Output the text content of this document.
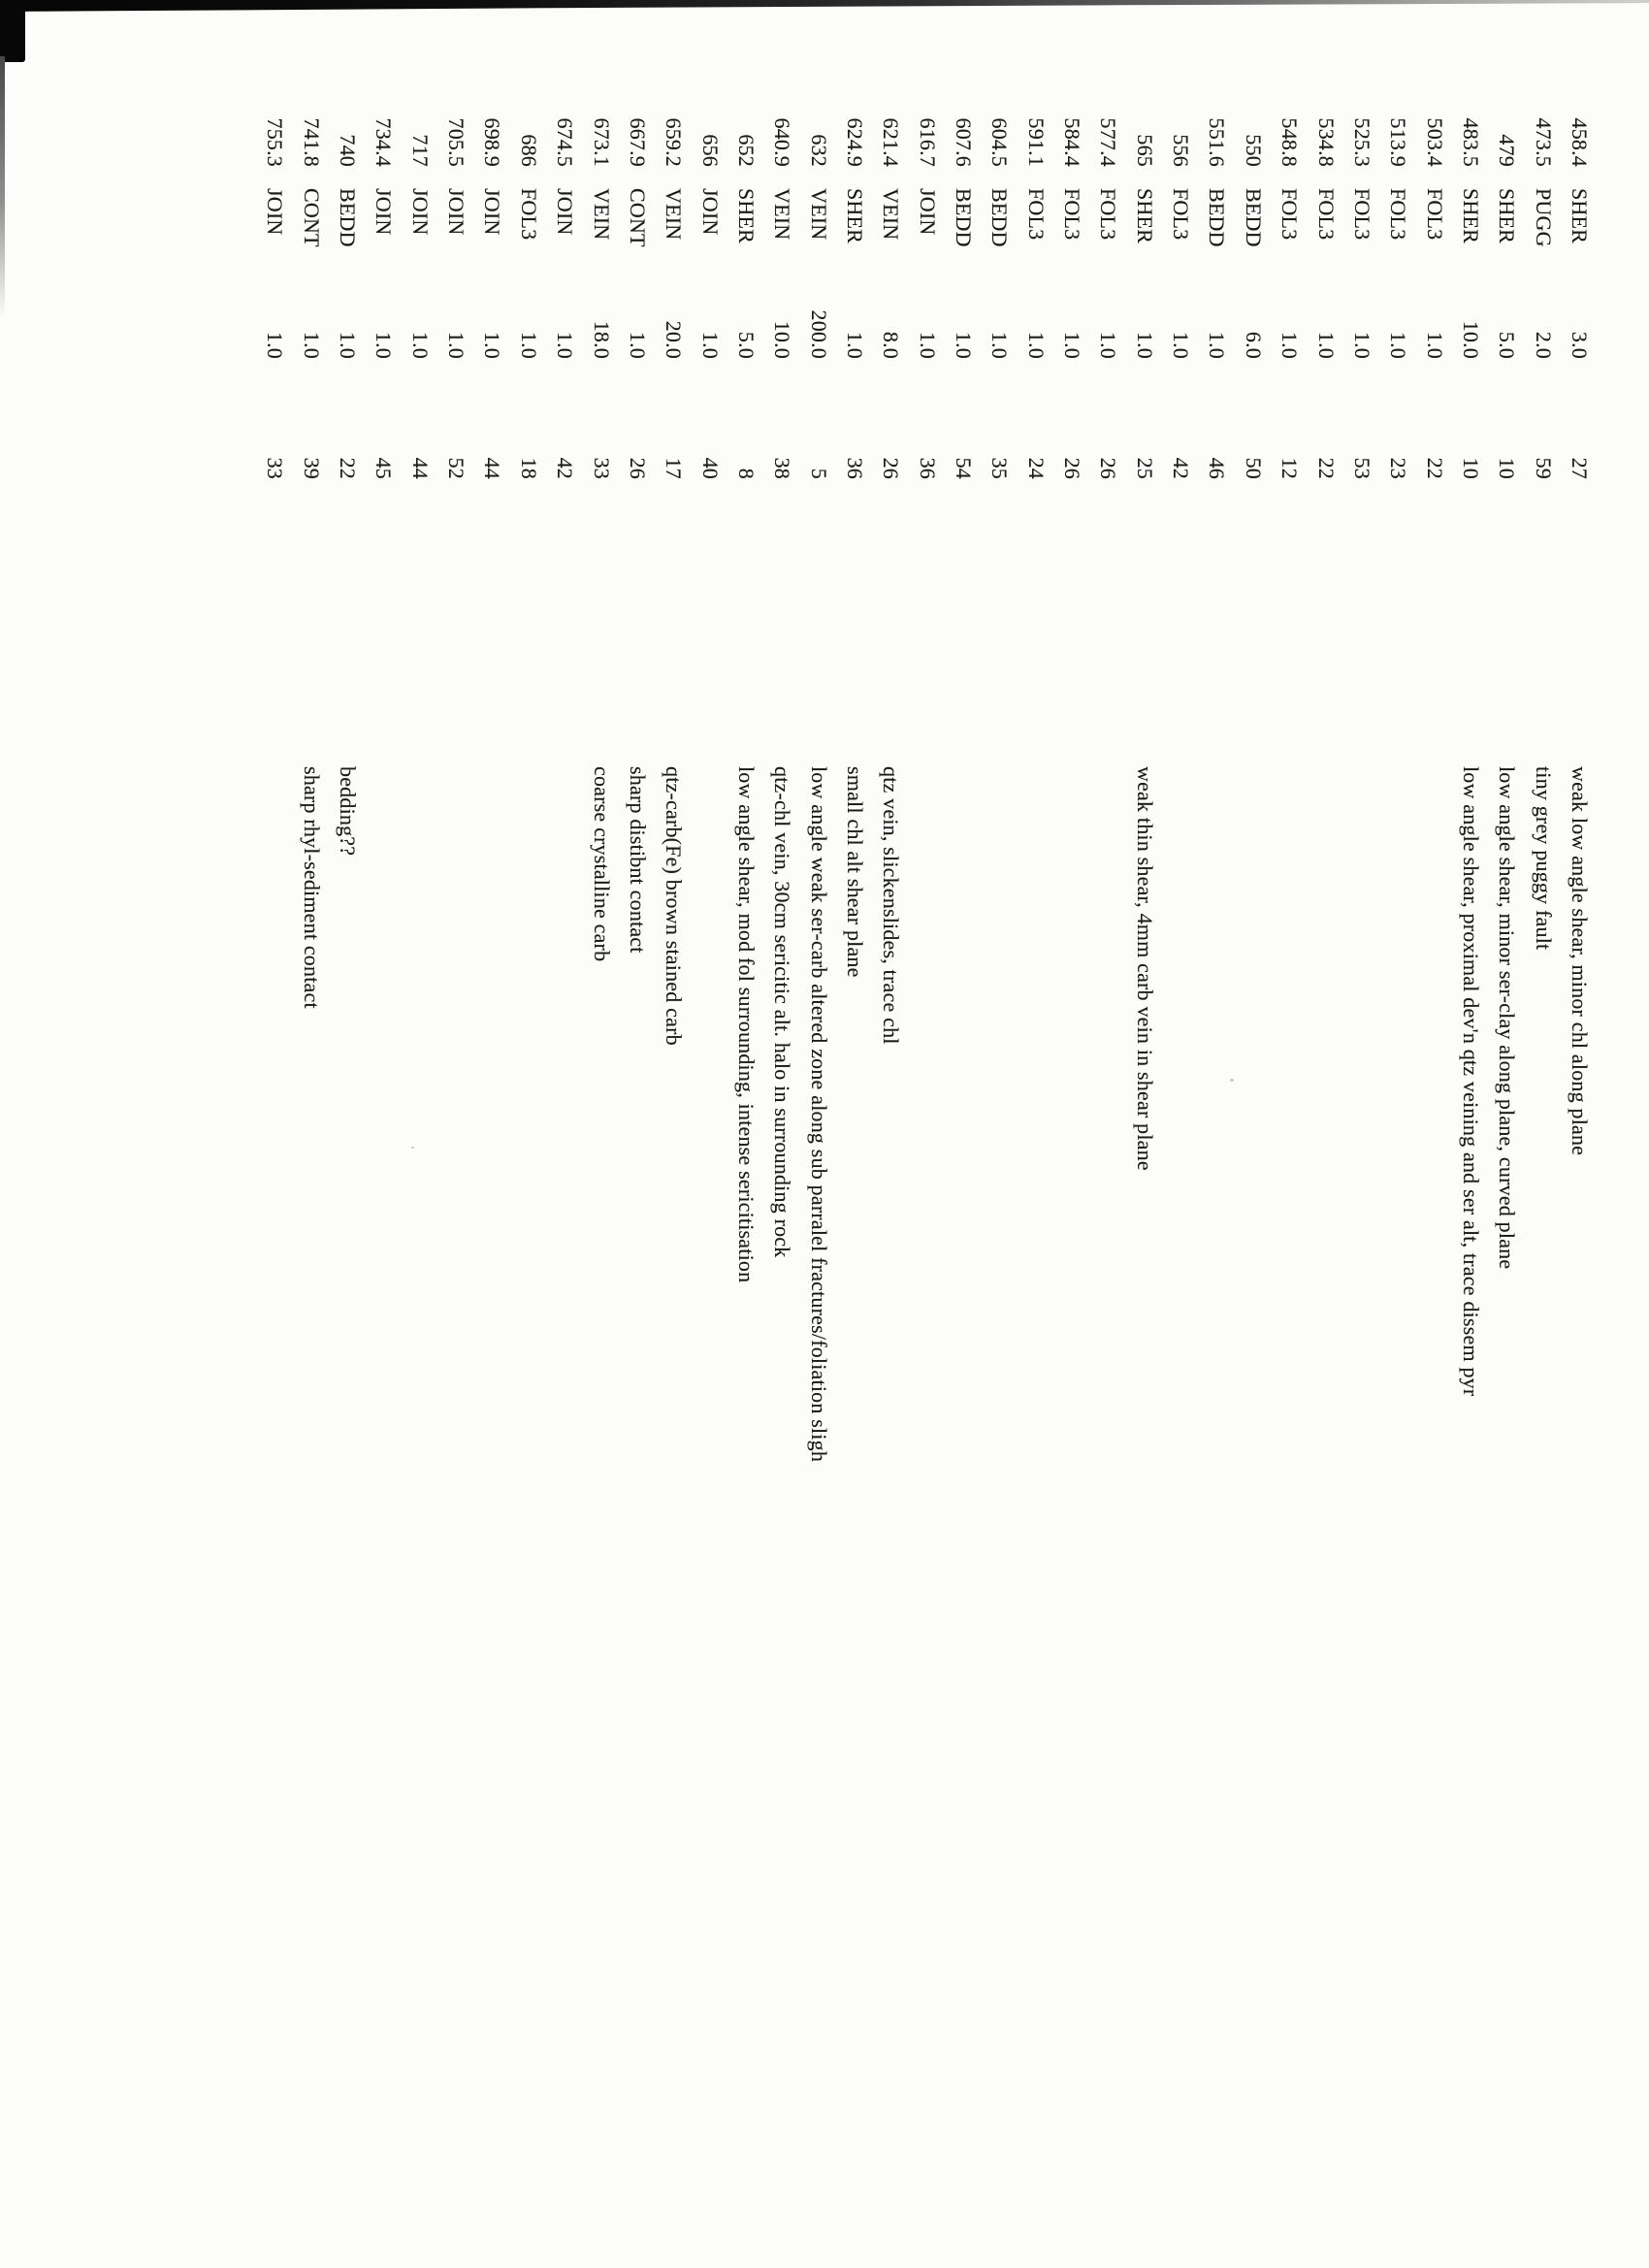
458.4SHER3.027
weak low angle shear, minor chl along plane
473.5PUGG2.059
tiny grey puggy fault
479SHER5.010
low angle shear, minor ser-clay along plane, curved plane
483.5SHER10.010
low angle shear, proximal dev'n qtz veining and ser alt, trace dissem pyr
503.4FOL31.022
513.9FOL31.023
525.3FOL31.053
534.8FOL31.022
548.8FOL31.012
550BEDD6.050
551.6BEDD1.046
556FOL31.042
565SHER1.025
weak thin shear, 4mm carb vein in shear plane
577.4FOL31.026
584.4FOL31.026
591.1FOL31.024
604.5BEDD1.035
607.6BEDD1.054
616.7JOIN1.036
621.4VEIN8.026
qtz vein, slickenslides, trace chl
624.9SHER1.036
small chl alt shear plane
632VEIN200.05
low angle weak ser-carb altered zone along sub parralel fractures/foliation sligh
640.9VEIN10.038
qtz-chl vein, 30cm sericitic alt. halo in surrounding rock
652SHER5.08
low angle shear, mod fol surrounding, intense sericitisation
656JOIN1.040
659.2VEIN20.017
qtz-carb(Fe) brown stained carb
667.9CONT1.026
sharp distibnt contact
673.1VEIN18.033
coarse crystalline carb
674.5JOIN1.042
686FOL31.018
698.9JOIN1.044
705.5JOIN1.052
717JOIN1.044
734.4JOIN1.045
740BEDD1.022
bedding??
741.8CONT1.039
sharp rhyl-sediment contact
755.3JOIN1.033
